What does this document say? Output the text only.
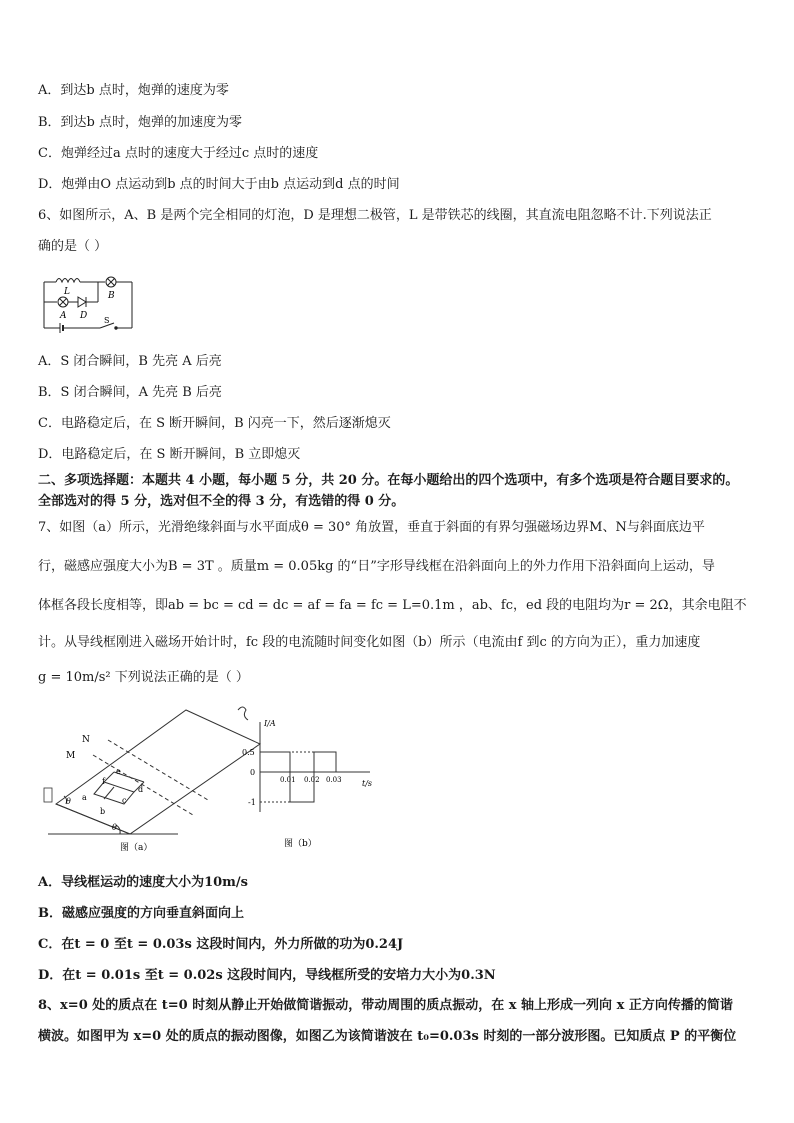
A．到达b 点时，炮弹的速度为零
B．到达b 点时，炮弹的加速度为零
C．炮弹经过a 点时的速度大于经过c 点时的速度
D．炮弹由O 点运动到b 点的时间大于由b 点运动到d 点的时间
6、如图所示，A、B 是两个完全相同的灯泡，D 是理想二极管，L 是带铁芯的线圈，其直流电阻忽略不计.下列说法正
确的是（ ）
L
A D
B
S
A．S 闭合瞬间，B 先亮 A 后亮
B．S 闭合瞬间，A 先亮 B 后亮
C．电路稳定后，在 S 断开瞬间，B 闪亮一下，然后逐渐熄灭
D．电路稳定后，在 S 断开瞬间，B 立即熄灭
二、多项选择题：本题共 4 小题，每小题 5 分，共 20 分。在每小题给出的四个选项中，有多个选项是符合题目要求的。
全部选对的得 5 分，选对但不全的得 3 分，有选错的得 0 分。
7、如图（a）所示，光滑绝缘斜面与水平面成θ = 30° 角放置，垂直于斜面的有界匀强磁场边界M、N与斜面底边平
行，磁感应强度大小为B = 3T 。质量m = 0.05kg 的“日”字形导线框在沿斜面向上的外力作用下沿斜面向上运动，导
体框各段长度相等，即ab = bc = cd = dc = af = fa = fc = L=0.1m ，ab、fc，ed 段的电阻均为r = 2Ω，其余电阻不
计。从导线框刚进入磁场开始计时，fc 段的电流随时间变化如图（b）所示（电流由f 到c 的方向为正），重力加速度
g = 10m/s² 下列说法正确的是（ ）
N
M
a
b
c
d
e
f
θ
θ
图（a）
I/A
0.5
0
-1
0.01 0.02 0.03	t/s
图（b）
A．导线框运动的速度大小为10m/s
B．磁感应强度的方向垂直斜面向上
C．在t = 0 至t = 0.03s 这段时间内，外力所做的功为0.24J
D．在t = 0.01s 至t = 0.02s 这段时间内，导线框所受的安培力大小为0.3N
8、x=0 处的质点在 t=0 时刻从静止开始做简谐振动，带动周围的质点振动，在 x 轴上形成一列向 x 正方向传播的简谐
横波。如图甲为 x=0 处的质点的振动图像，如图乙为该简谐波在 t₀=0.03s 时刻的一部分波形图。已知质点 P 的平衡位
